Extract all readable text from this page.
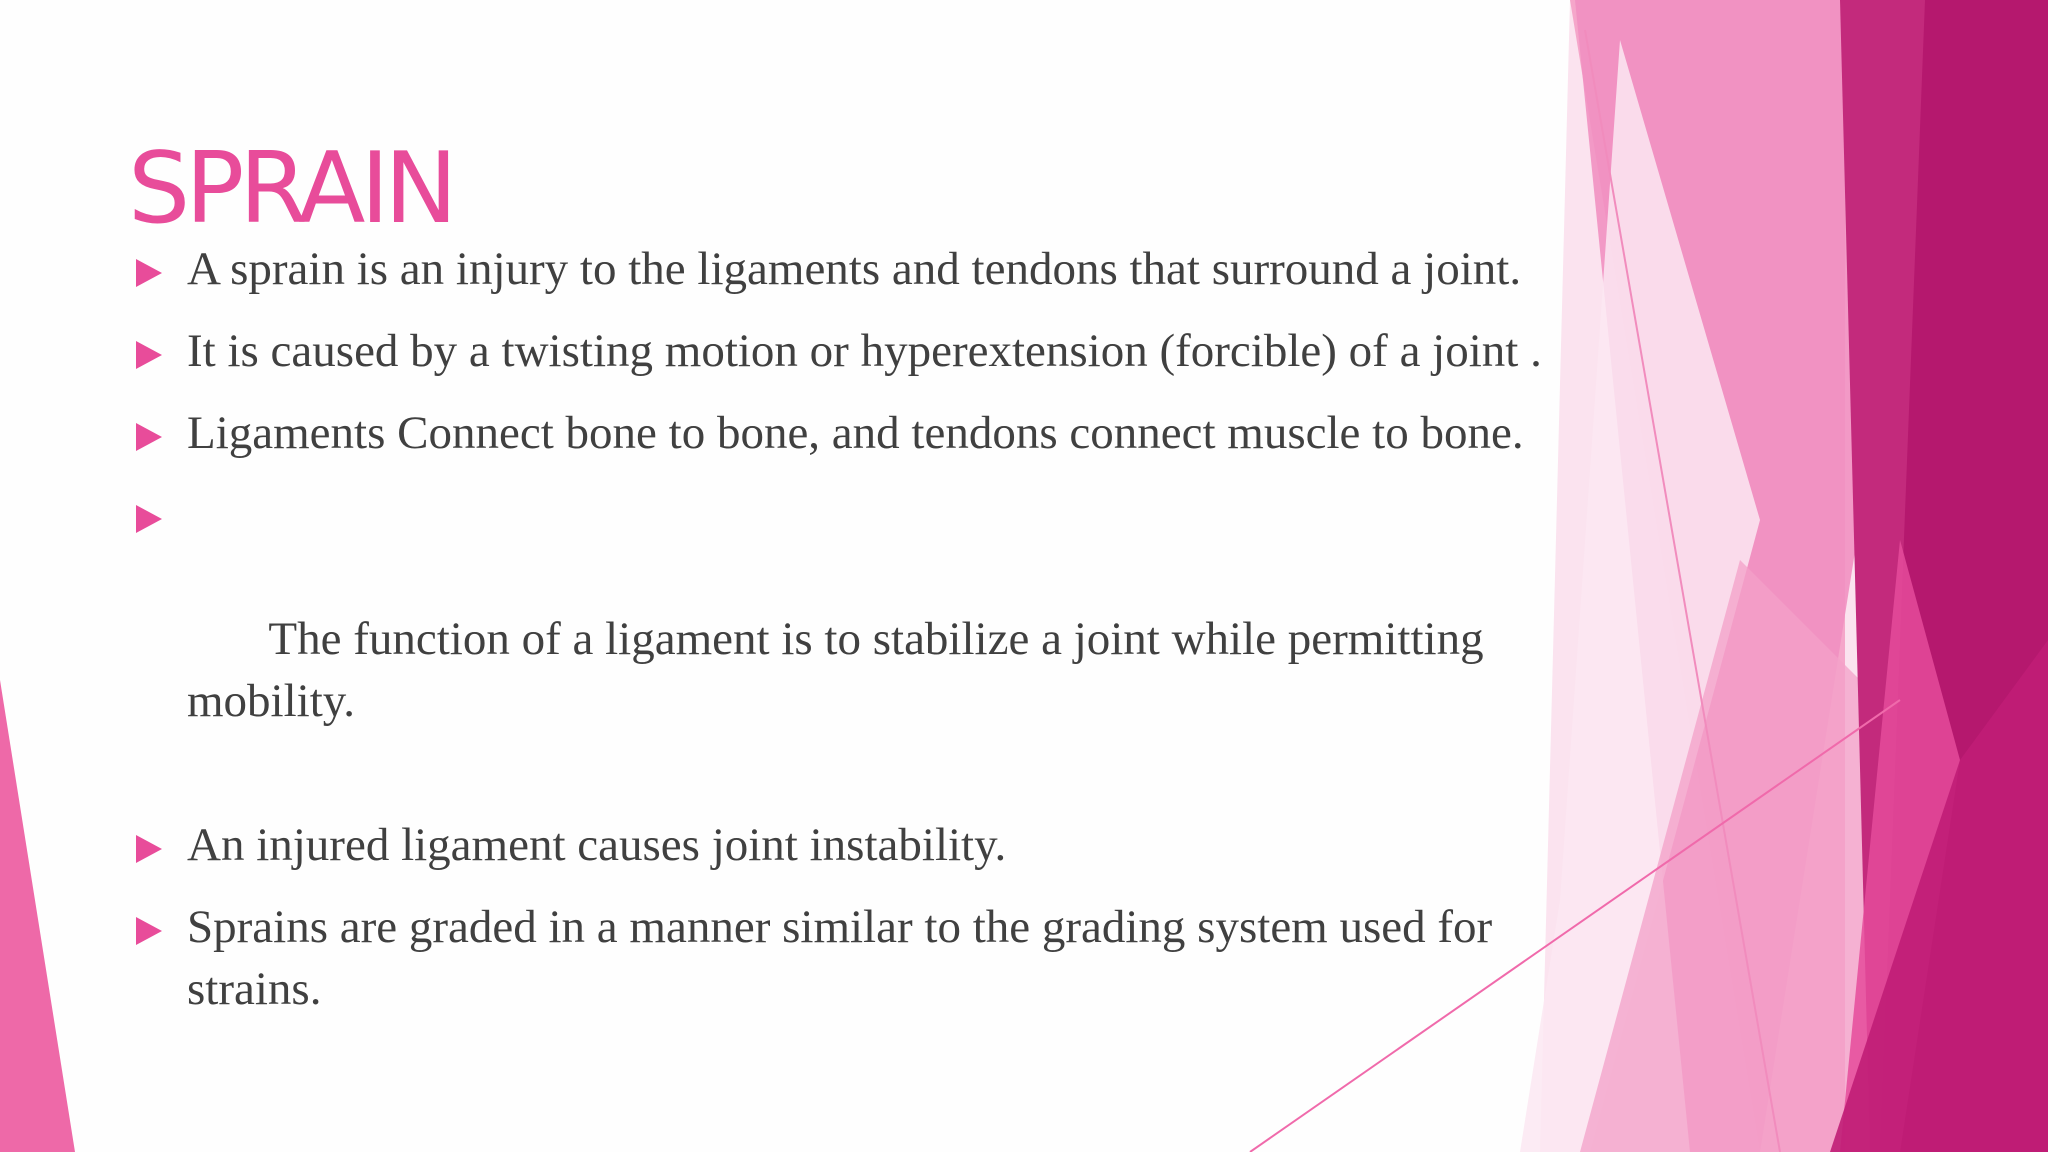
SPRAIN
A sprain is an injury to the ligaments and tendons that surround a joint.
It is caused by a twisting motion or hyperextension (forcible) of a joint .
Ligaments Connect bone to bone, and tendons connect muscle to bone.

The function of a ligament is to stabilize a joint while permitting mobility.

An injured ligament causes joint instability.
Sprains are graded in a manner similar to the grading system used for strains.
